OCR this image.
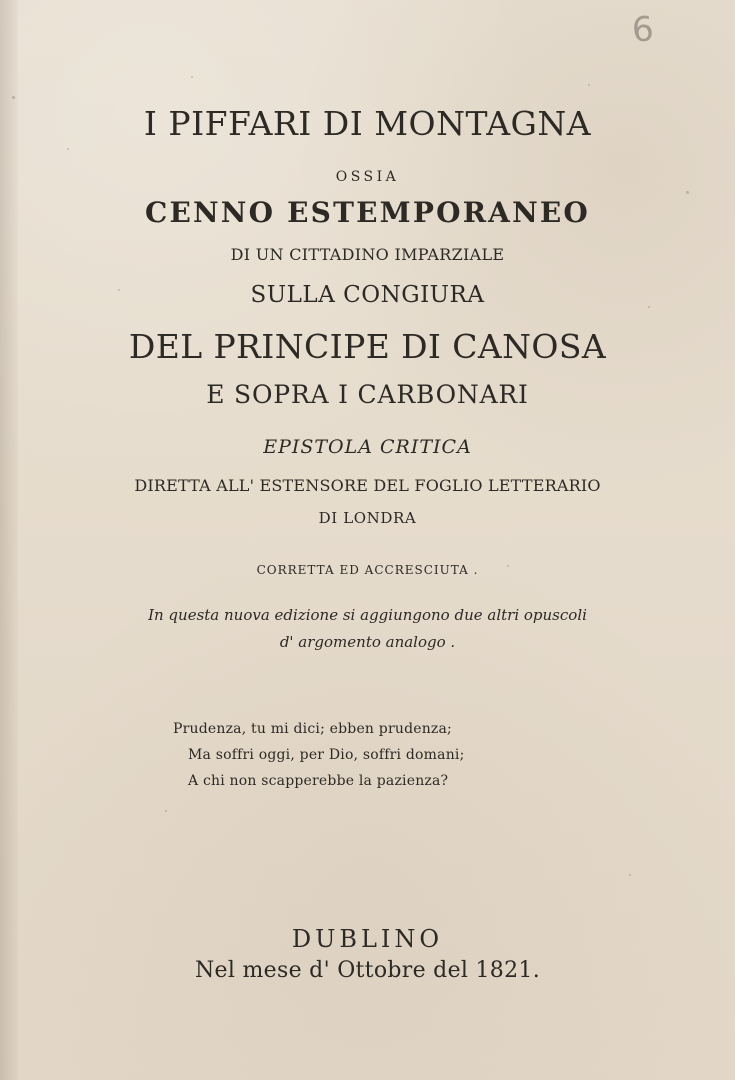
6
I PIFFARI DI MONTAGNA
OSSIA
CENNO ESTEMPORANEO
DI UN CITTADINO IMPARZIALE
SULLA CONGIURA
DEL PRINCIPE DI CANOSA
E SOPRA I CARBONARI
EPISTOLA CRITICA
DIRETTA ALL' ESTENSORE DEL FOGLIO LETTERARIO
DI LONDRA
CORRETTA ED ACCRESCIUTA .
In questa nuova edizione si aggiungono due altri opuscoli
d' argomento analogo .
Prudenza, tu mi dici; ebben prudenza;
Ma soffri oggi, per Dio, soffri domani;
A chi non scapperebbe la pazienza?
DUBLINO
Nel mese d' Ottobre del 1821.
